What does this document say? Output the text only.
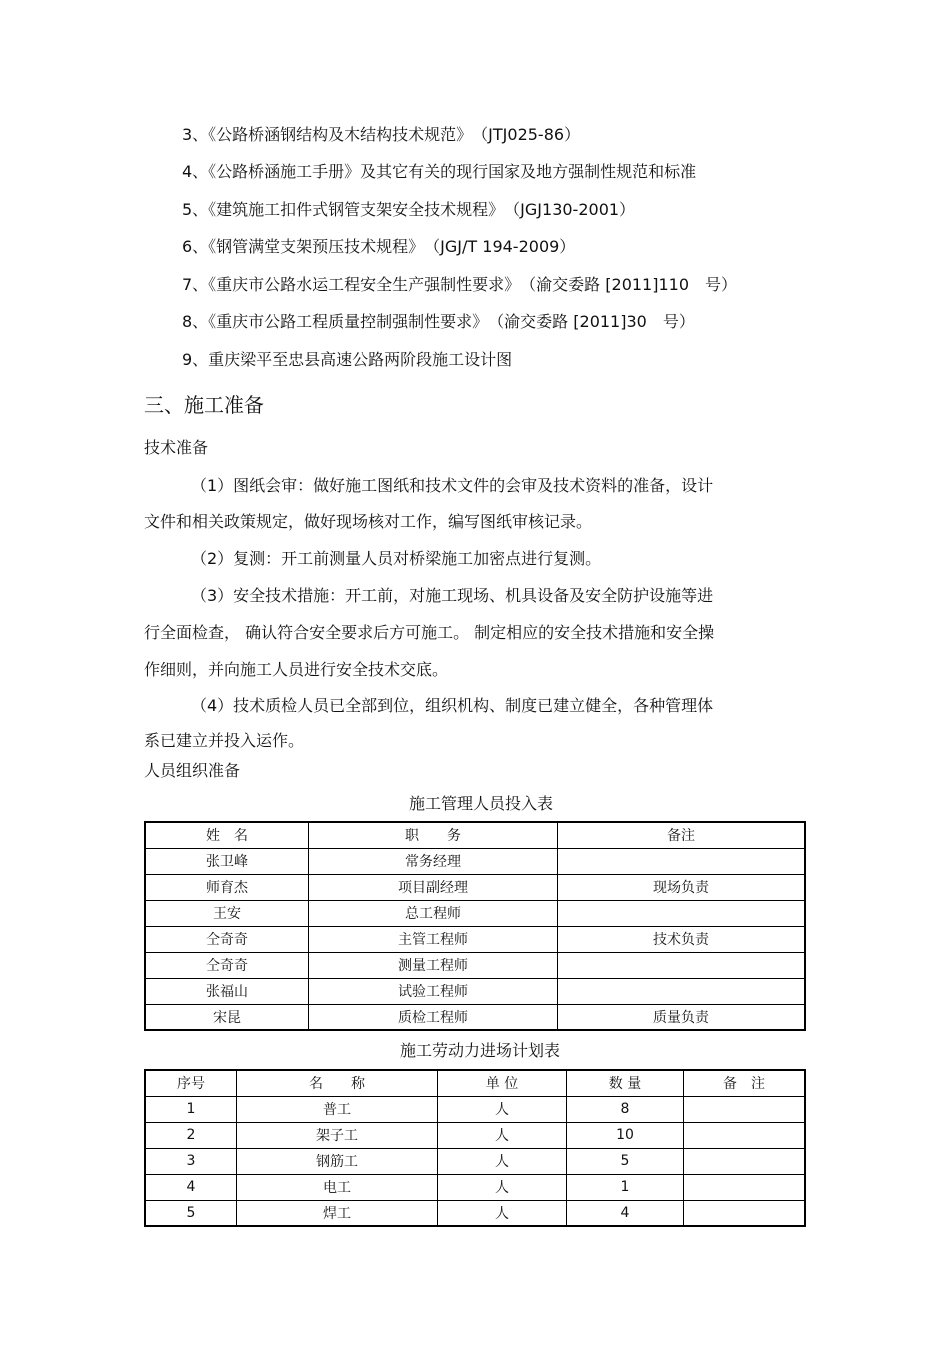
3、《公路桥涵钢结构及木结构技术规范》　（JTJ025-86）
4、《公路桥涵施工手册》及其它有关的现行国家及地方强制性规范和标准
5、《建筑施工扣件式钢管支架安全技术规程》　（JGJ130-2001）
6、《钢管满堂支架预压技术规程》　（JGJ/T 194-2009）
7、《重庆市公路水运工程安全生产强制性要求》　（渝交委路 [2011]110　号）
8、《重庆市公路工程质量控制强制性要求》　（渝交委路 [2011]30　号）
9、重庆梁平至忠县高速公路两阶段施工设计图
三、施工准备
技术准备
（1）图纸会审：做好施工图纸和技术文件的会审及技术资料的准备，设计
文件和相关政策规定，做好现场核对工作，编写图纸审核记录。
（2）复测：开工前测量人员对桥梁施工加密点进行复测。
（3）安全技术措施：开工前，对施工现场、机具设备及安全防护设施等进
行全面检查， 确认符合安全要求后方可施工。 制定相应的安全技术措施和安全操
作细则，并向施工人员进行安全技术交底。
（4）技术质检人员已全部到位，组织机构、制度已建立健全，各种管理体
系已建立并投入运作。
人员组织准备
施工管理人员投入表
姓　名	职　　务	备注
张卫峰	常务经理	
师育杰	项目副经理	现场负责
王安	总工程师	
仝奇奇	主管工程师	技术负责
仝奇奇	测量工程师	
张福山	试验工程师	
宋昆	质检工程师	质量负责
施工劳动力进场计划表
序号	名　　称	单 位	数 量	备　注
1	普工	人	8	
2	架子工	人	10	
3	钢筋工	人	5	
4	电工	人	1	
5	焊工	人	4	
